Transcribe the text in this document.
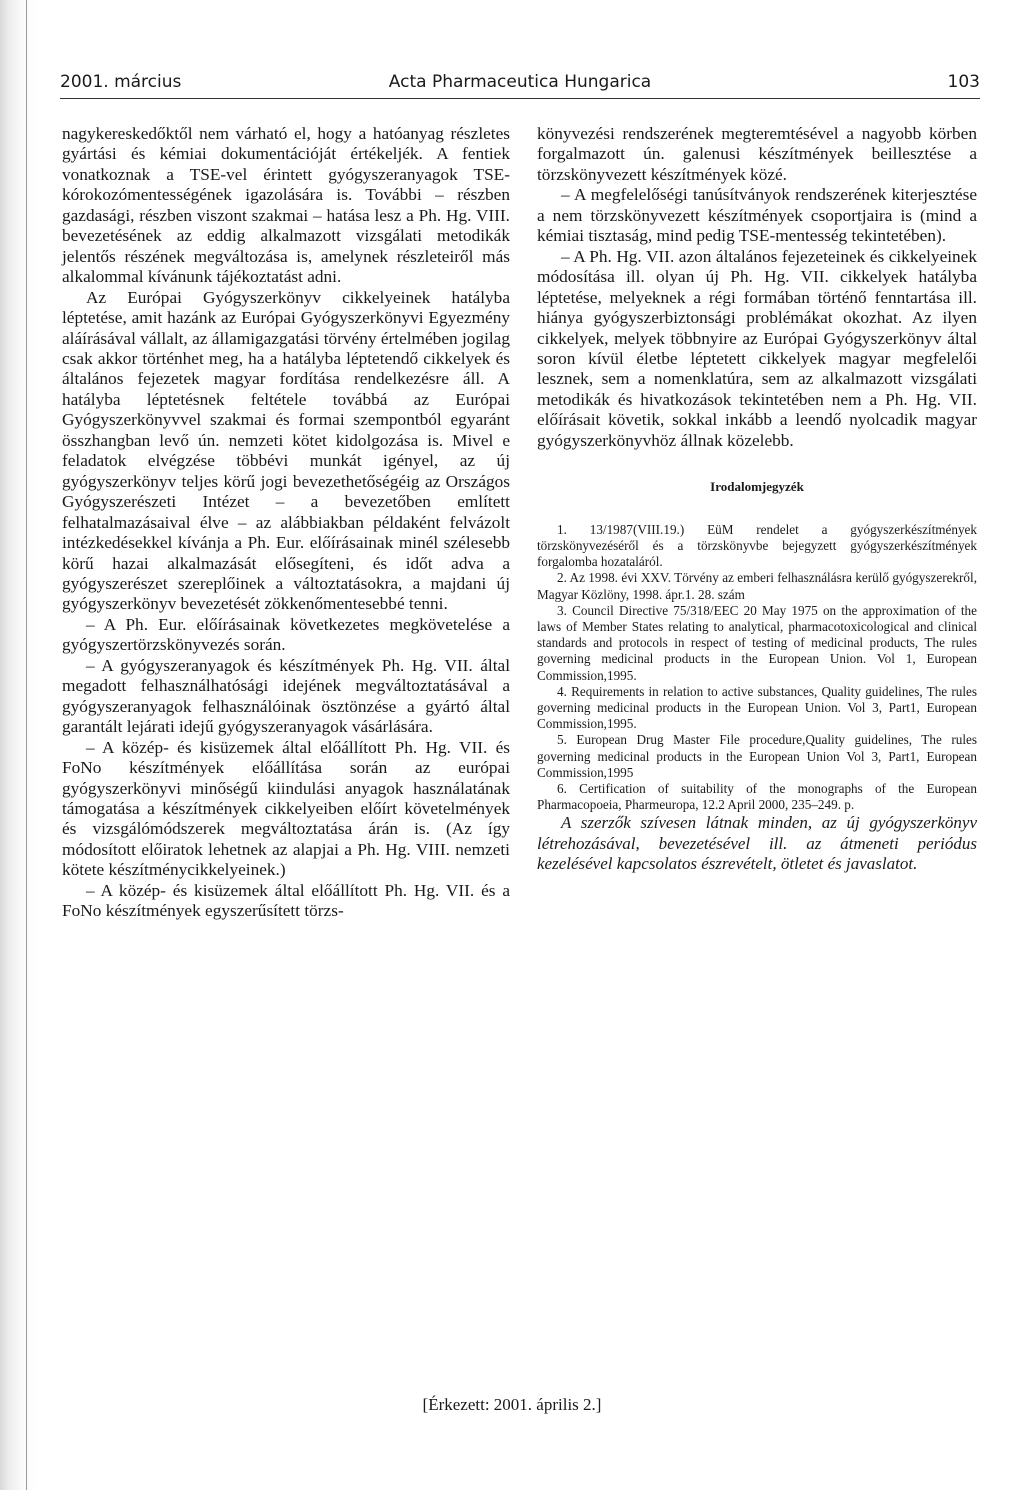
2001. március	Acta Pharmaceutica Hungarica	103

nagykereskedőktől nem várható el, hogy a hatóanyag részletes gyártási és kémiai dokumentációját értékeljék. A fentiek vonatkoznak a TSE-vel érintett gyógyszeranyagok TSE-kórokozómentességének igazolására is. További – részben gazdasági, részben viszont szakmai – hatása lesz a Ph. Hg. VIII. bevezetésének az eddig alkalmazott vizsgálati metodikák jelentős részének megváltozása is, amelynek részleteiről más alkalommal kívánunk tájékoztatást adni.

Az Európai Gyógyszerkönyv cikkelyeinek hatályba léptetése, amit hazánk az Európai Gyógyszerkönyvi Egyezmény aláírásával vállalt, az államigazgatási törvény értelmében jogilag csak akkor történhet meg, ha a hatályba léptetendő cikkelyek és általános fejezetek magyar fordítása rendelkezésre áll. A hatályba léptetésnek feltétele továbbá az Európai Gyógyszerkönyvvel szakmai és formai szempontból egyaránt összhangban levő ún. nemzeti kötet kidolgozása is. Mivel e feladatok elvégzése többévi munkát igényel, az új gyógyszerkönyv teljes körű jogi bevezethetőségéig az Országos Gyógyszerészeti Intézet – a bevezetőben említett felhatalmazásaival élve – az alábbiakban példaként felvázolt intézkedésekkel kívánja a Ph. Eur. előírásainak minél szélesebb körű hazai alkalmazását elősegíteni, és időt adva a gyógyszerészet szereplőinek a változtatásokra, a majdani új gyógyszerkönyv bevezetését zökkenőmentesebbé tenni.

– A Ph. Eur. előírásainak következetes megkövetelése a gyógyszertörzskönyvezés során.

– A gyógyszeranyagok és készítmények Ph. Hg. VII. által megadott felhasználhatósági idejének megváltoztatásával a gyógyszeranyagok felhasználóinak ösztönzése a gyártó által garantált lejárati idejű gyógyszeranyagok vásárlására.

– A közép- és kisüzemek által előállított Ph. Hg. VII. és FoNo készítmények előállítása során az európai gyógyszerkönyvi minőségű kiindulási anyagok használatának támogatása a készítmények cikkelyeiben előírt követelmények és vizsgálómódszerek megváltoztatása árán is. (Az így módosított előiratok lehetnek az alapjai a Ph. Hg. VIII. nemzeti kötete készítménycikkelyeinek.)

– A közép- és kisüzemek által előállított Ph. Hg. VII. és a FoNo készítmények egyszerűsített törzs-

könyvezési rendszerének megteremtésével a nagyobb körben forgalmazott ún. galenusi készítmények beillesztése a törzskönyvezett készítmények közé.

– A megfelelőségi tanúsítványok rendszerének kiterjesztése a nem törzskönyvezett készítmények csoportjaira is (mind a kémiai tisztaság, mind pedig TSE-mentesség tekintetében).

– A Ph. Hg. VII. azon általános fejezeteinek és cikkelyeinek módosítása ill. olyan új Ph. Hg. VII. cikkelyek hatályba léptetése, melyeknek a régi formában történő fenntartása ill. hiánya gyógyszerbiztonsági problémákat okozhat. Az ilyen cikkelyek, melyek többnyire az Európai Gyógyszerkönyv által soron kívül életbe léptetett cikkelyek magyar megfelelői lesznek, sem a nomenklatúra, sem az alkalmazott vizsgálati metodikák és hivatkozások tekintetében nem a Ph. Hg. VII. előírásait követik, sokkal inkább a leendő nyolcadik magyar gyógyszerkönyvhöz állnak közelebb.

Irodalomjegyzék

1. 13/1987(VIII.19.) EüM rendelet a gyógyszerkészítmények törzskönyvezéséről és a törzskönyvbe bejegyzett gyógyszerkészítmények forgalomba hozataláról.

2. Az 1998. évi XXV. Törvény az emberi felhasználásra kerülő gyógyszerekről, Magyar Közlöny, 1998. ápr.1. 28. szám

3. Council Directive 75/318/EEC 20 May 1975 on the approximation of the laws of Member States relating to analytical, pharmacotoxicological and clinical standards and protocols in respect of testing of medicinal products, The rules governing medicinal products in the European Union. Vol 1, European Commission,1995.

4. Requirements in relation to active substances, Quality guidelines, The rules governing medicinal products in the European Union. Vol 3, Part1, European Commission,1995.

5. European Drug Master File procedure,Quality guidelines, The rules governing medicinal products in the European Union Vol 3, Part1, European Commission,1995

6. Certification of suitability of the monographs of the European Pharmacopoeia, Pharmeuropa, 12.2 April 2000, 235–249. p.

A szerzők szívesen látnak minden, az új gyógyszerkönyv létrehozásával, bevezetésével ill. az átmeneti periódus kezelésével kapcsolatos észrevételt, ötletet és javaslatot.

[Érkezett: 2001. április 2.]
